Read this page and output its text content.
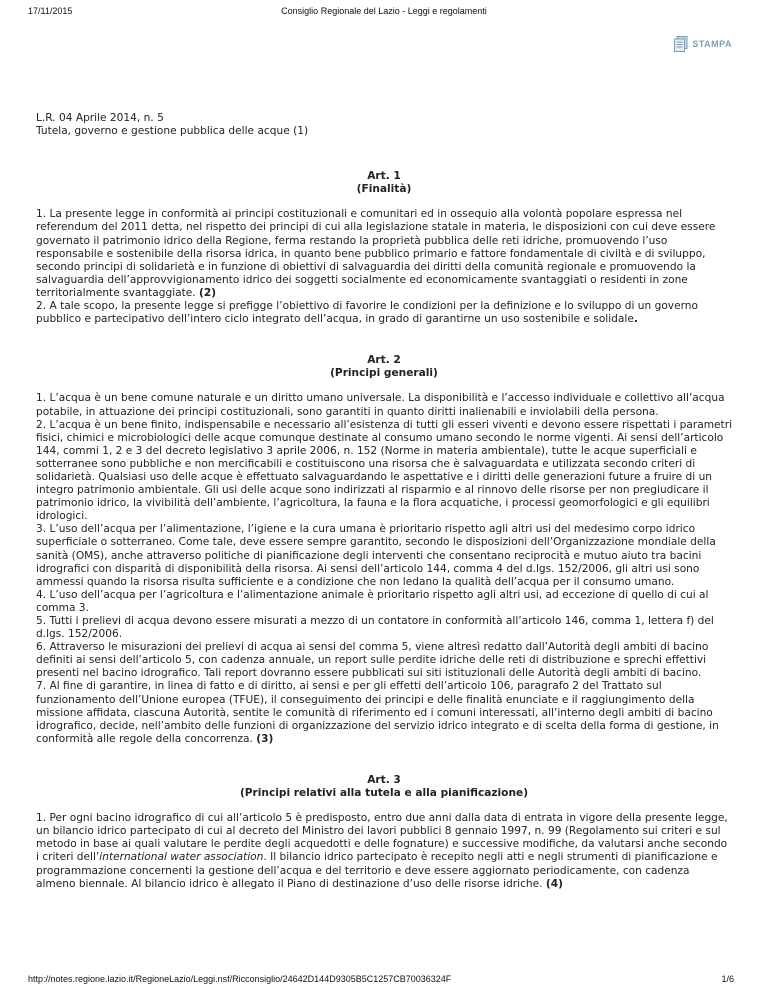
17/11/2015	Consiglio Regionale del Lazio - Leggi e regolamenti
STAMPA
L.R. 04 Aprile 2014, n. 5
Tutela, governo e gestione pubblica delle acque (1)
Art. 1
(Finalità)

1. La presente legge in conformità ai principi costituzionali e comunitari ed in ossequio alla volontà popolare espressa nel referendum del 2011 detta, nel rispetto dei principi di cui alla legislazione statale in materia, le disposizioni con cui deve essere governato il patrimonio idrico della Regione, ferma restando la proprietà pubblica delle reti idriche, promuovendo l’uso responsabile e sostenibile della risorsa idrica, in quanto bene pubblico primario e fattore fondamentale di civiltà e di sviluppo, secondo principi di solidarietà e in funzione di obiettivi di salvaguardia dei diritti della comunità regionale e promuovendo la salvaguardia dell’approvvigionamento idrico dei soggetti socialmente ed economicamente svantaggiati o residenti in zone territorialmente svantaggiate. (2)

2. A tale scopo, la presente legge si prefigge l’obiettivo di favorire le condizioni per la definizione e lo sviluppo di un governo pubblico e partecipativo dell’intero ciclo integrato dell’acqua, in grado di garantirne un uso sostenibile e solidale.

Art. 2
(Principi generali)

1. L’acqua è un bene comune naturale e un diritto umano universale. La disponibilità e l’accesso individuale e collettivo all’acqua potabile, in attuazione dei principi costituzionali, sono garantiti in quanto diritti inalienabili e inviolabili della persona.

2. L’acqua è un bene finito, indispensabile e necessario all’esistenza di tutti gli esseri viventi e devono essere rispettati i parametri fisici, chimici e microbiologici delle acque comunque destinate al consumo umano secondo le norme vigenti. Ai sensi dell’articolo 144, commi 1, 2 e 3 del decreto legislativo 3 aprile 2006, n. 152 (Norme in materia ambientale), tutte le acque superficiali e sotterranee sono pubbliche e non mercificabili e costituiscono una risorsa che è salvaguardata e utilizzata secondo criteri di solidarietà. Qualsiasi uso delle acque è effettuato salvaguardando le aspettative e i diritti delle generazioni future a fruire di un integro patrimonio ambientale. Gli usi delle acque sono indirizzati al risparmio e al rinnovo delle risorse per non pregiudicare il patrimonio idrico, la vivibilità dell’ambiente, l’agricoltura, la fauna e la flora acquatiche, i processi geomorfologici e gli equilibri idrologici.

3. L’uso dell’acqua per l’alimentazione, l’igiene e la cura umana è prioritario rispetto agli altri usi del medesimo corpo idrico superficiale o sotterraneo. Come tale, deve essere sempre garantito, secondo le disposizioni dell’Organizzazione mondiale della sanità (OMS), anche attraverso politiche di pianificazione degli interventi che consentano reciprocità e mutuo aiuto tra bacini idrografici con disparità di disponibilità della risorsa. Ai sensi dell’articolo 144, comma 4 del d.lgs. 152/2006, gli altri usi sono ammessi quando la risorsa risulta sufficiente e a condizione che non ledano la qualità dell’acqua per il consumo umano.

4. L’uso dell’acqua per l’agricoltura e l’alimentazione animale è prioritario rispetto agli altri usi, ad eccezione di quello di cui al comma 3.

5. Tutti i prelievi di acqua devono essere misurati a mezzo di un contatore in conformità all’articolo 146, comma 1, lettera f) del d.lgs. 152/2006.

6. Attraverso le misurazioni dei prelievi di acqua ai sensi del comma 5, viene altresì redatto dall’Autorità degli ambiti di bacino definiti ai sensi dell’articolo 5, con cadenza annuale, un report sulle perdite idriche delle reti di distribuzione e sprechi effettivi presenti nel bacino idrografico. Tali report dovranno essere pubblicati sui siti istituzionali delle Autorità degli ambiti di bacino.

7. Al fine di garantire, in linea di fatto e di diritto, ai sensi e per gli effetti dell’articolo 106, paragrafo 2 del Trattato sul funzionamento dell’Unione europea (TFUE), il conseguimento dei principi e delle finalità enunciate e il raggiungimento della missione affidata, ciascuna Autorità, sentite le comunità di riferimento ed i comuni interessati, all’interno degli ambiti di bacino idrografico, decide, nell’ambito delle funzioni di organizzazione del servizio idrico integrato e di scelta della forma di gestione, in conformità alle regole della concorrenza. (3)

Art. 3
(Principi relativi alla tutela e alla pianificazione)

1. Per ogni bacino idrografico di cui all’articolo 5 è predisposto, entro due anni dalla data di entrata in vigore della presente legge, un bilancio idrico partecipato di cui al decreto del Ministro dei lavori pubblici 8 gennaio 1997, n. 99 (Regolamento sui criteri e sul metodo in base ai quali valutare le perdite degli acquedotti e delle fognature) e successive modifiche, da valutarsi anche secondo i criteri dell’international water association. Il bilancio idrico partecipato è recepito negli atti e negli strumenti di pianificazione e programmazione concernenti la gestione dell’acqua e del territorio e deve essere aggiornato periodicamente, con cadenza almeno biennale. Al bilancio idrico è allegato il Piano di destinazione d’uso delle risorse idriche. (4)

http://notes.regione.lazio.it/RegioneLazio/Leggi.nsf/Ricconsiglio/24642D144D9305B5C1257CB70036324F	1/6
